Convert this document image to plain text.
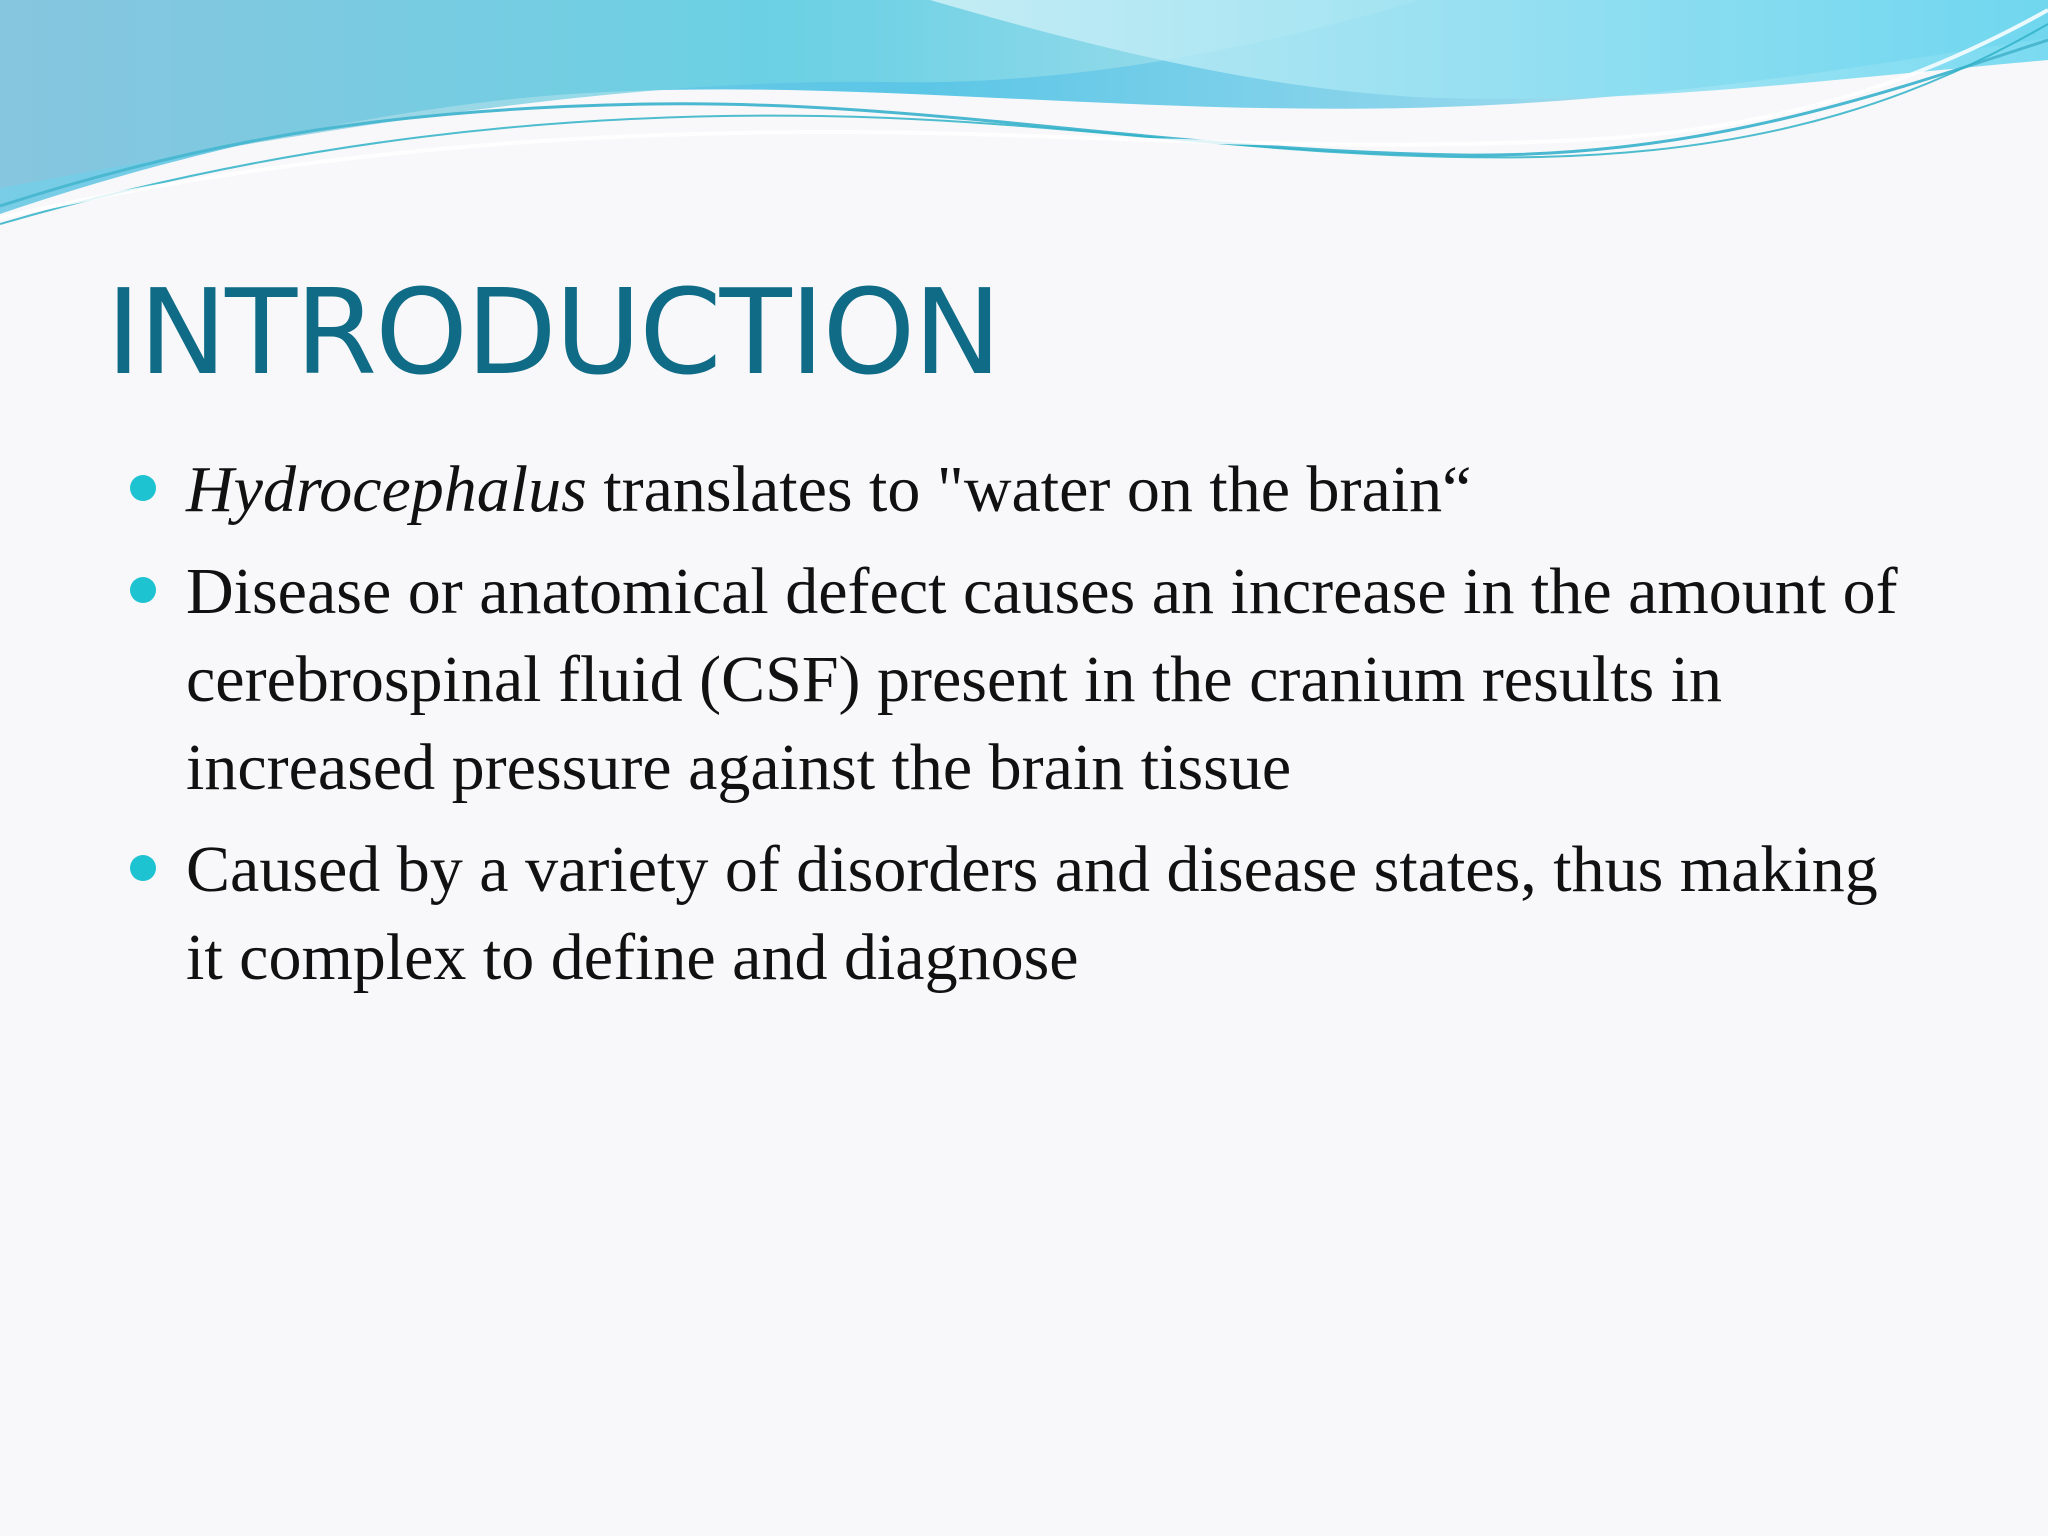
INTRODUCTION
Hydrocephalus translates to "water on the brain“
Disease or anatomical defect causes an increase in the amount of cerebrospinal fluid (CSF) present in the cranium results in increased pressure against the brain tissue
Caused by a variety of disorders and disease states, thus making it complex to define and diagnose
